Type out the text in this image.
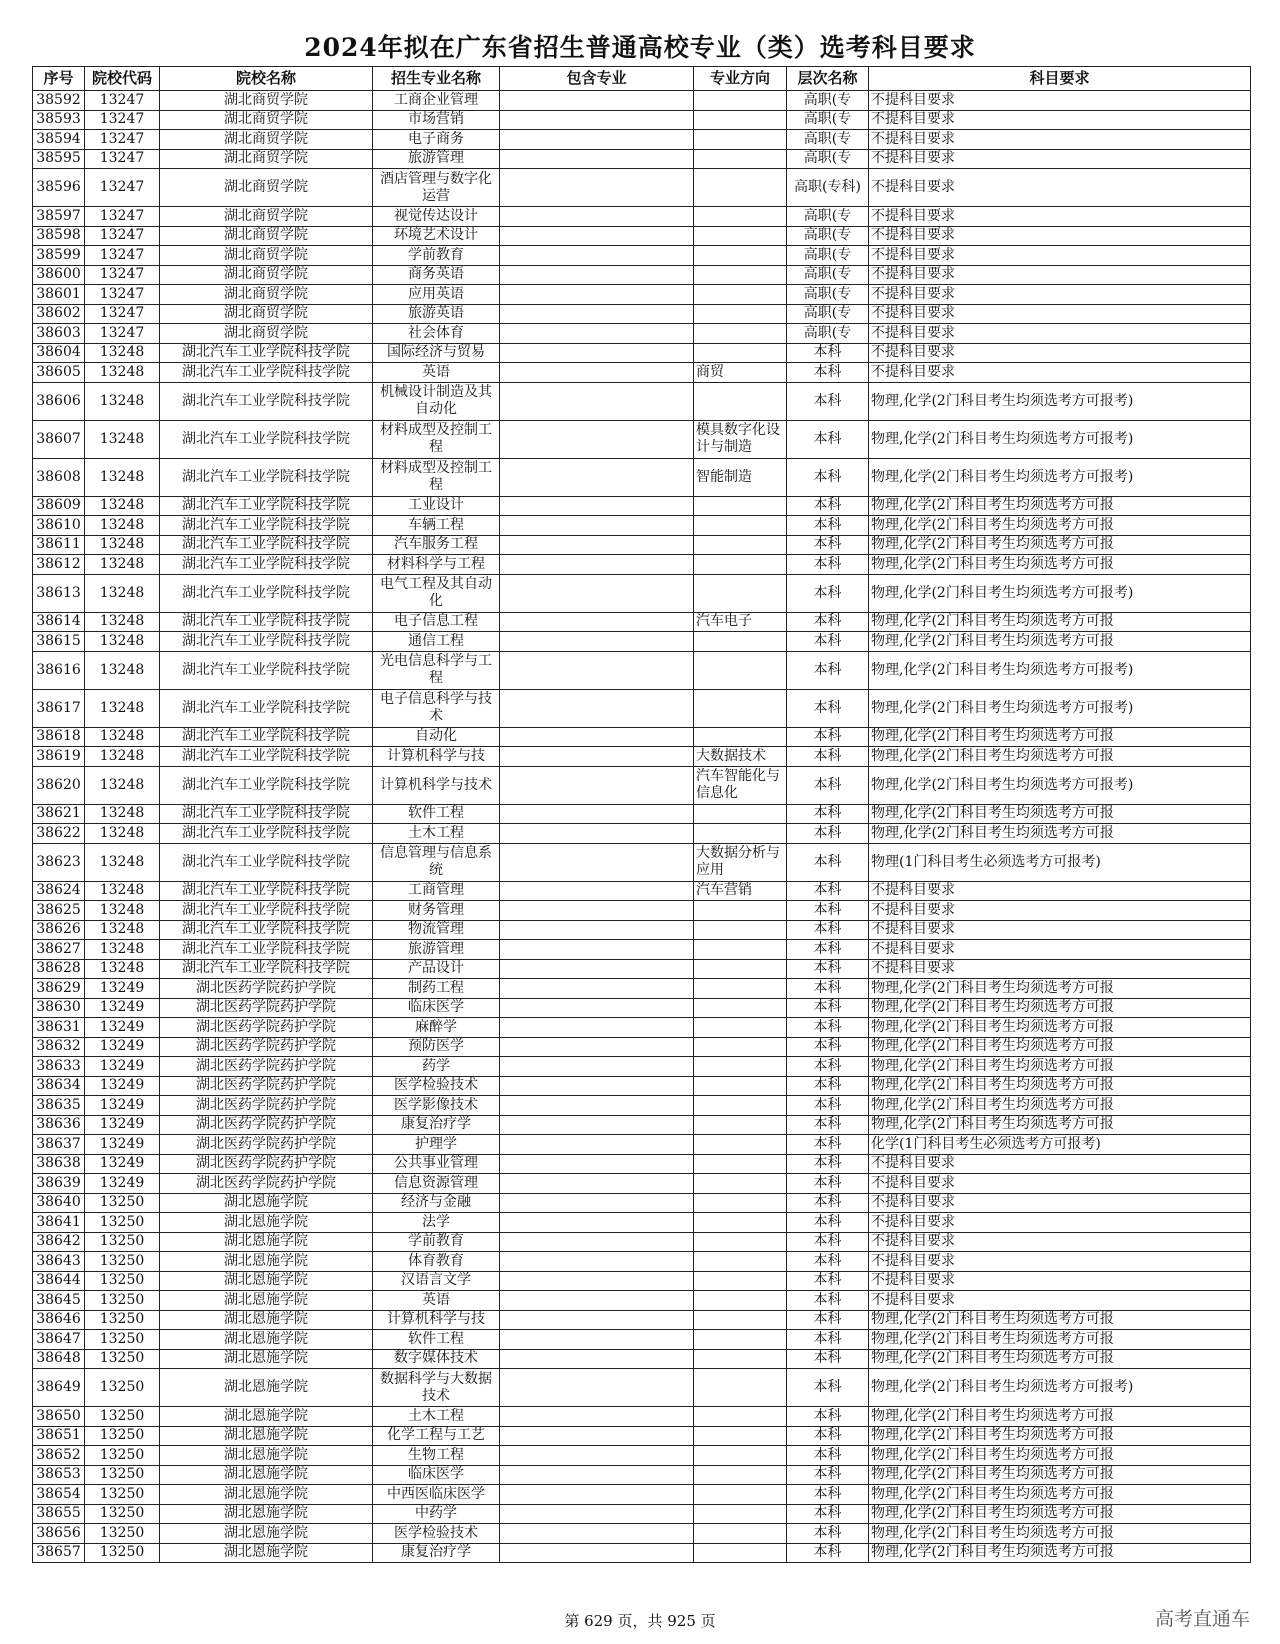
2024年拟在广东省招生普通高校专业（类）选考科目要求
序号	院校代码	院校名称	招生专业名称	包含专业	专业方向	层次名称	科目要求

38592	13247	湖北商贸学院	工商企业管理			高职(专	不提科目要求

38593	13247	湖北商贸学院	市场营销			高职(专	不提科目要求

38594	13247	湖北商贸学院	电子商务			高职(专	不提科目要求

38595	13247	湖北商贸学院	旅游管理			高职(专	不提科目要求

38596	13247	湖北商贸学院	酒店管理与数字化运营			高职(专科)	不提科目要求

38597	13247	湖北商贸学院	视觉传达设计			高职(专	不提科目要求

38598	13247	湖北商贸学院	环境艺术设计			高职(专	不提科目要求

38599	13247	湖北商贸学院	学前教育			高职(专	不提科目要求

38600	13247	湖北商贸学院	商务英语			高职(专	不提科目要求

38601	13247	湖北商贸学院	应用英语			高职(专	不提科目要求

38602	13247	湖北商贸学院	旅游英语			高职(专	不提科目要求

38603	13247	湖北商贸学院	社会体育			高职(专	不提科目要求

38604	13248	湖北汽车工业学院科技学院	国际经济与贸易			本科	不提科目要求

38605	13248	湖北汽车工业学院科技学院	英语		商贸	本科	不提科目要求

38606	13248	湖北汽车工业学院科技学院	机械设计制造及其自动化			本科	物理,化学(2门科目考生均须选考方可报考)

38607	13248	湖北汽车工业学院科技学院	材料成型及控制工程		模具数字化设计与制造	本科	物理,化学(2门科目考生均须选考方可报考)

38608	13248	湖北汽车工业学院科技学院	材料成型及控制工程		智能制造	本科	物理,化学(2门科目考生均须选考方可报考)

38609	13248	湖北汽车工业学院科技学院	工业设计			本科	物理,化学(2门科目考生均须选考方可报

38610	13248	湖北汽车工业学院科技学院	车辆工程			本科	物理,化学(2门科目考生均须选考方可报

38611	13248	湖北汽车工业学院科技学院	汽车服务工程			本科	物理,化学(2门科目考生均须选考方可报

38612	13248	湖北汽车工业学院科技学院	材料科学与工程			本科	物理,化学(2门科目考生均须选考方可报

38613	13248	湖北汽车工业学院科技学院	电气工程及其自动化			本科	物理,化学(2门科目考生均须选考方可报考)

38614	13248	湖北汽车工业学院科技学院	电子信息工程		汽车电子	本科	物理,化学(2门科目考生均须选考方可报

38615	13248	湖北汽车工业学院科技学院	通信工程			本科	物理,化学(2门科目考生均须选考方可报

38616	13248	湖北汽车工业学院科技学院	光电信息科学与工程			本科	物理,化学(2门科目考生均须选考方可报考)

38617	13248	湖北汽车工业学院科技学院	电子信息科学与技术			本科	物理,化学(2门科目考生均须选考方可报考)

38618	13248	湖北汽车工业学院科技学院	自动化			本科	物理,化学(2门科目考生均须选考方可报

38619	13248	湖北汽车工业学院科技学院	计算机科学与技		大数据技术	本科	物理,化学(2门科目考生均须选考方可报

38620	13248	湖北汽车工业学院科技学院	计算机科学与技术		汽车智能化与信息化	本科	物理,化学(2门科目考生均须选考方可报考)

38621	13248	湖北汽车工业学院科技学院	软件工程			本科	物理,化学(2门科目考生均须选考方可报

38622	13248	湖北汽车工业学院科技学院	土木工程			本科	物理,化学(2门科目考生均须选考方可报

38623	13248	湖北汽车工业学院科技学院	信息管理与信息系统		大数据分析与应用	本科	物理(1门科目考生必须选考方可报考)

38624	13248	湖北汽车工业学院科技学院	工商管理		汽车营销	本科	不提科目要求

38625	13248	湖北汽车工业学院科技学院	财务管理			本科	不提科目要求

38626	13248	湖北汽车工业学院科技学院	物流管理			本科	不提科目要求

38627	13248	湖北汽车工业学院科技学院	旅游管理			本科	不提科目要求

38628	13248	湖北汽车工业学院科技学院	产品设计			本科	不提科目要求

38629	13249	湖北医药学院药护学院	制药工程			本科	物理,化学(2门科目考生均须选考方可报

38630	13249	湖北医药学院药护学院	临床医学			本科	物理,化学(2门科目考生均须选考方可报

38631	13249	湖北医药学院药护学院	麻醉学			本科	物理,化学(2门科目考生均须选考方可报

38632	13249	湖北医药学院药护学院	预防医学			本科	物理,化学(2门科目考生均须选考方可报

38633	13249	湖北医药学院药护学院	药学			本科	物理,化学(2门科目考生均须选考方可报

38634	13249	湖北医药学院药护学院	医学检验技术			本科	物理,化学(2门科目考生均须选考方可报

38635	13249	湖北医药学院药护学院	医学影像技术			本科	物理,化学(2门科目考生均须选考方可报

38636	13249	湖北医药学院药护学院	康复治疗学			本科	物理,化学(2门科目考生均须选考方可报

38637	13249	湖北医药学院药护学院	护理学			本科	化学(1门科目考生必须选考方可报考)

38638	13249	湖北医药学院药护学院	公共事业管理			本科	不提科目要求

38639	13249	湖北医药学院药护学院	信息资源管理			本科	不提科目要求

38640	13250	湖北恩施学院	经济与金融			本科	不提科目要求

38641	13250	湖北恩施学院	法学			本科	不提科目要求

38642	13250	湖北恩施学院	学前教育			本科	不提科目要求

38643	13250	湖北恩施学院	体育教育			本科	不提科目要求

38644	13250	湖北恩施学院	汉语言文学			本科	不提科目要求

38645	13250	湖北恩施学院	英语			本科	不提科目要求

38646	13250	湖北恩施学院	计算机科学与技			本科	物理,化学(2门科目考生均须选考方可报

38647	13250	湖北恩施学院	软件工程			本科	物理,化学(2门科目考生均须选考方可报

38648	13250	湖北恩施学院	数字媒体技术			本科	物理,化学(2门科目考生均须选考方可报

38649	13250	湖北恩施学院	数据科学与大数据技术			本科	物理,化学(2门科目考生均须选考方可报考)

38650	13250	湖北恩施学院	土木工程			本科	物理,化学(2门科目考生均须选考方可报

38651	13250	湖北恩施学院	化学工程与工艺			本科	物理,化学(2门科目考生均须选考方可报

38652	13250	湖北恩施学院	生物工程			本科	物理,化学(2门科目考生均须选考方可报

38653	13250	湖北恩施学院	临床医学			本科	物理,化学(2门科目考生均须选考方可报

38654	13250	湖北恩施学院	中西医临床医学			本科	物理,化学(2门科目考生均须选考方可报

38655	13250	湖北恩施学院	中药学			本科	物理,化学(2门科目考生均须选考方可报

38656	13250	湖北恩施学院	医学检验技术			本科	物理,化学(2门科目考生均须选考方可报

38657	13250	湖北恩施学院	康复治疗学			本科	物理,化学(2门科目考生均须选考方可报
第 629 页，共 925 页	高考直通车
